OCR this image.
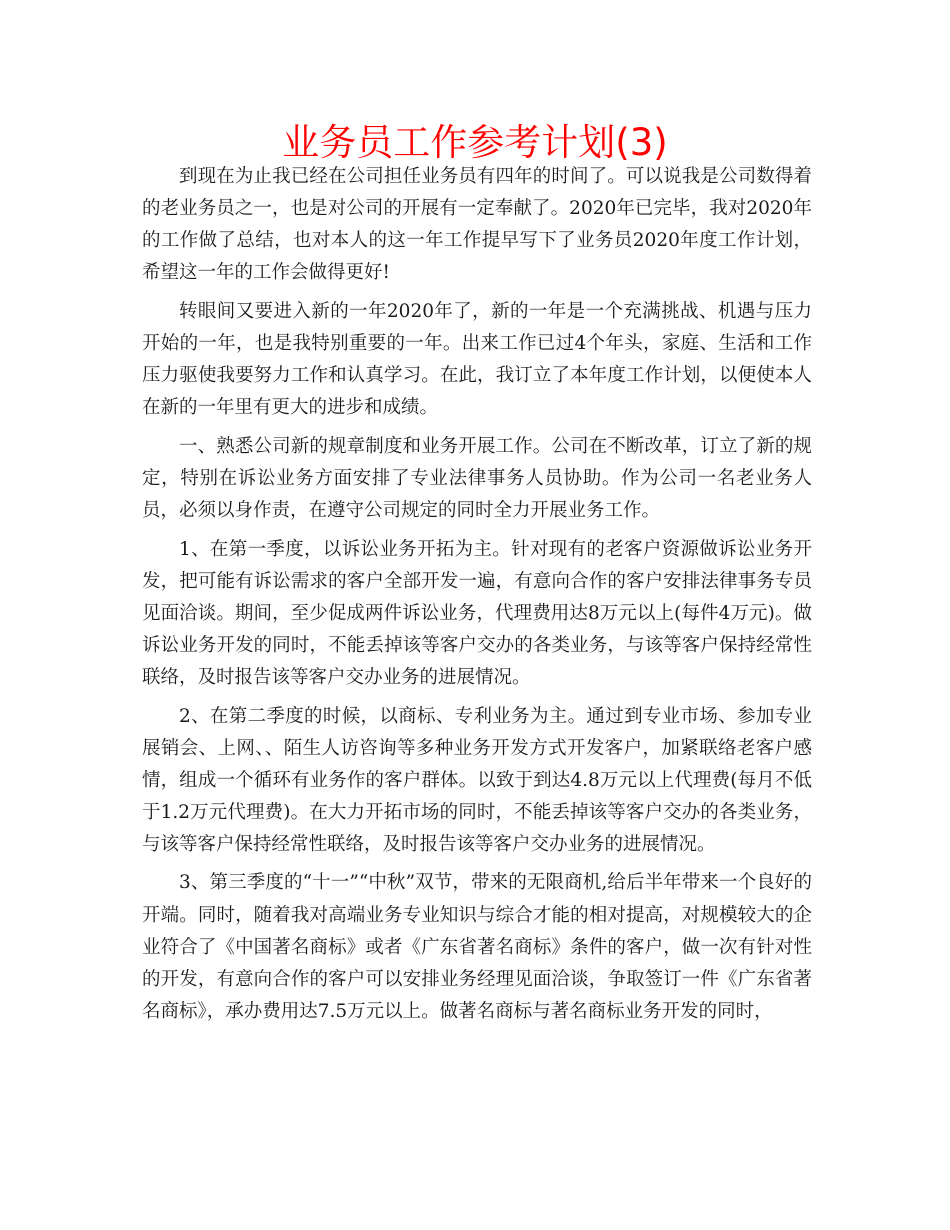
业务员工作参考计划(3)

到现在为止我已经在公司担任业务员有四年的时间了。可以说我是公司数得着的老业务员之一，也是对公司的开展有一定奉献了。2020年已完毕，我对2020年的工作做了总结，也对本人的这一年工作提早写下了业务员2020年度工作计划，希望这一年的工作会做得更好!

转眼间又要进入新的一年2020年了，新的一年是一个充满挑战、机遇与压力开始的一年，也是我特别重要的一年。出来工作已过4个年头，家庭、生活和工作压力驱使我要努力工作和认真学习。在此，我订立了本年度工作计划，以便使本人在新的一年里有更大的进步和成绩。

一、熟悉公司新的规章制度和业务开展工作。公司在不断改革，订立了新的规定，特别在诉讼业务方面安排了专业法律事务人员协助。作为公司一名老业务人员，必须以身作责，在遵守公司规定的同时全力开展业务工作。

1、在第一季度，以诉讼业务开拓为主。针对现有的老客户资源做诉讼业务开发，把可能有诉讼需求的客户全部开发一遍，有意向合作的客户安排法律事务专员见面洽谈。期间，至少促成两件诉讼业务，代理费用达8万元以上(每件4万元)。做诉讼业务开发的同时，不能丢掉该等客户交办的各类业务，与该等客户保持经常性联络，及时报告该等客户交办业务的进展情况。

2、在第二季度的时候，以商标、专利业务为主。通过到专业市场、参加专业展销会、上网、、陌生人访咨询等多种业务开发方式开发客户，加紧联络老客户感情，组成一个循环有业务作的客户群体。以致于到达4.8万元以上代理费(每月不低于1.2万元代理费)。在大力开拓市场的同时，不能丢掉该等客户交办的各类业务，与该等客户保持经常性联络，及时报告该等客户交办业务的进展情况。

3、第三季度的“十一”“中秋”双节，带来的无限商机,给后半年带来一个良好的开端。同时，随着我对高端业务专业知识与综合才能的相对提高，对规模较大的企业符合了《中国著名商标》或者《广东省著名商标》条件的客户，做一次有针对性的开发，有意向合作的客户可以安排业务经理见面洽谈，争取签订一件《广东省著名商标》，承办费用达7.5万元以上。做著名商标与著名商标业务开发的同时，
